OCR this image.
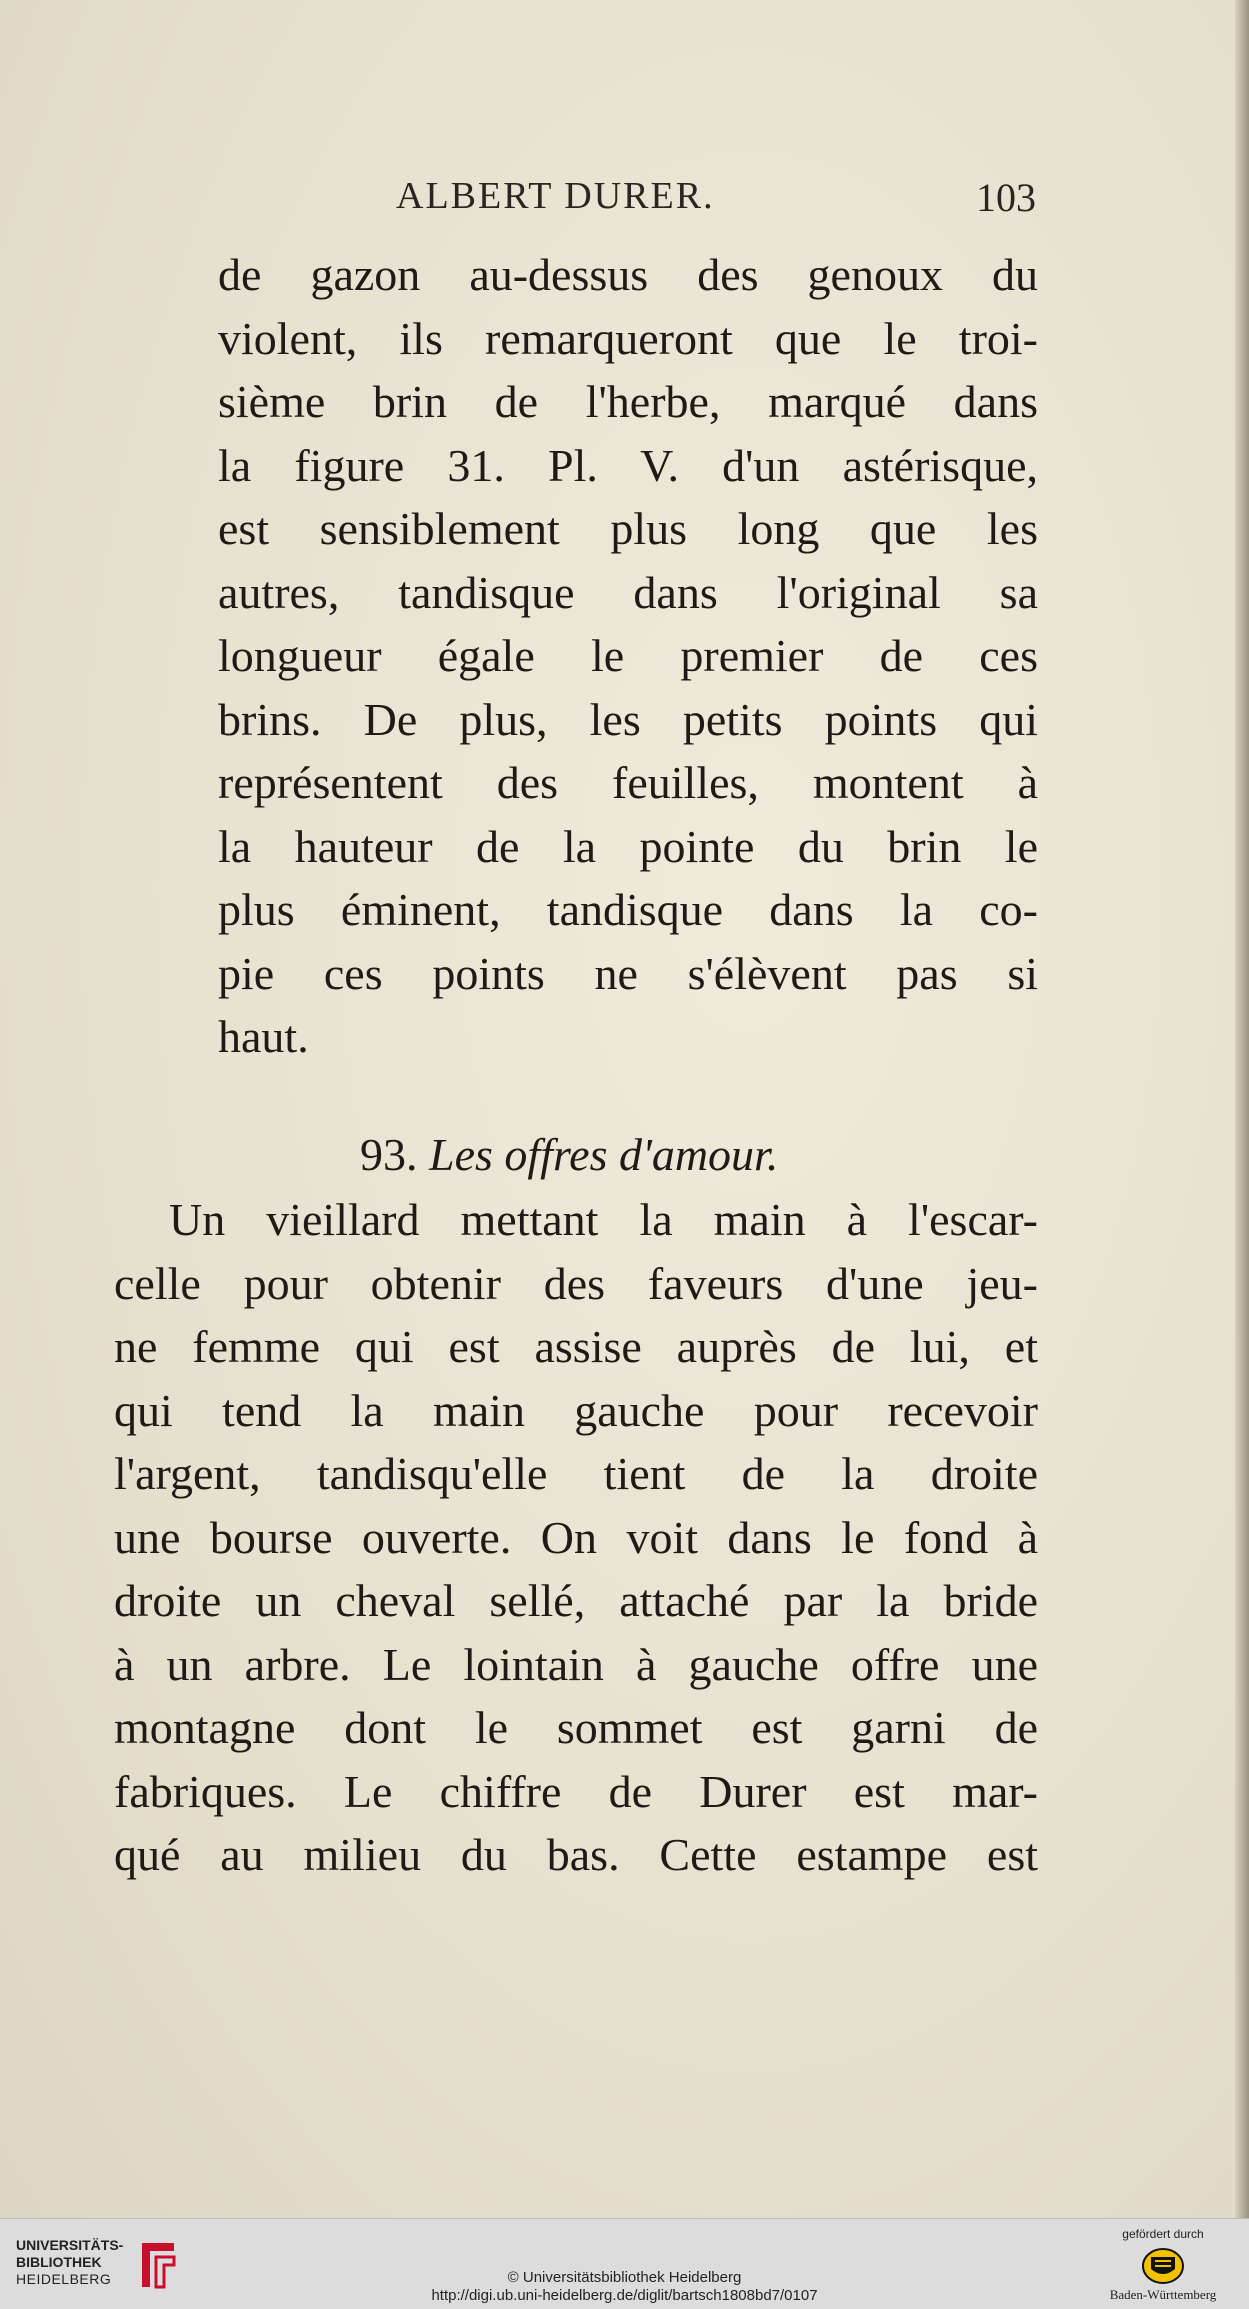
ALBERT DURER.	103
de gazon au-dessus des genoux du
violent, ils remarqueront que le troi-
sième brin de l'herbe, marqué dans
la figure 31. Pl. V. d'un astérisque,
est sensiblement plus long que les
autres, tandisque dans l'original sa
longueur égale le premier de ces
brins. De plus, les petits points qui
représentent des feuilles, montent à
la hauteur de la pointe du brin le
plus éminent, tandisque dans la co-
pie ces points ne s'élèvent pas si
haut.
93. Les offres d'amour.
Un vieillard mettant la main à l'escar-
celle pour obtenir des faveurs d'une jeu-
ne femme qui est assise auprès de lui, et
qui tend la main gauche pour recevoir
l'argent, tandisqu'elle tient de la droite
une bourse ouverte. On voit dans le fond à
droite un cheval sellé, attaché par la bride
à un arbre. Le lointain à gauche offre une
montagne dont le sommet est garni de
fabriques. Le chiffre de Durer est mar-
qué au milieu du bas. Cette estampe est
UNIVERSITÄTS-
BIBLIOTHEK
HEIDELBERG	© Universitätsbibliothek Heidelberg
http://digi.ub.uni-heidelberg.de/diglit/bartsch1808bd7/0107
gefördert durch
Baden-Württemberg
